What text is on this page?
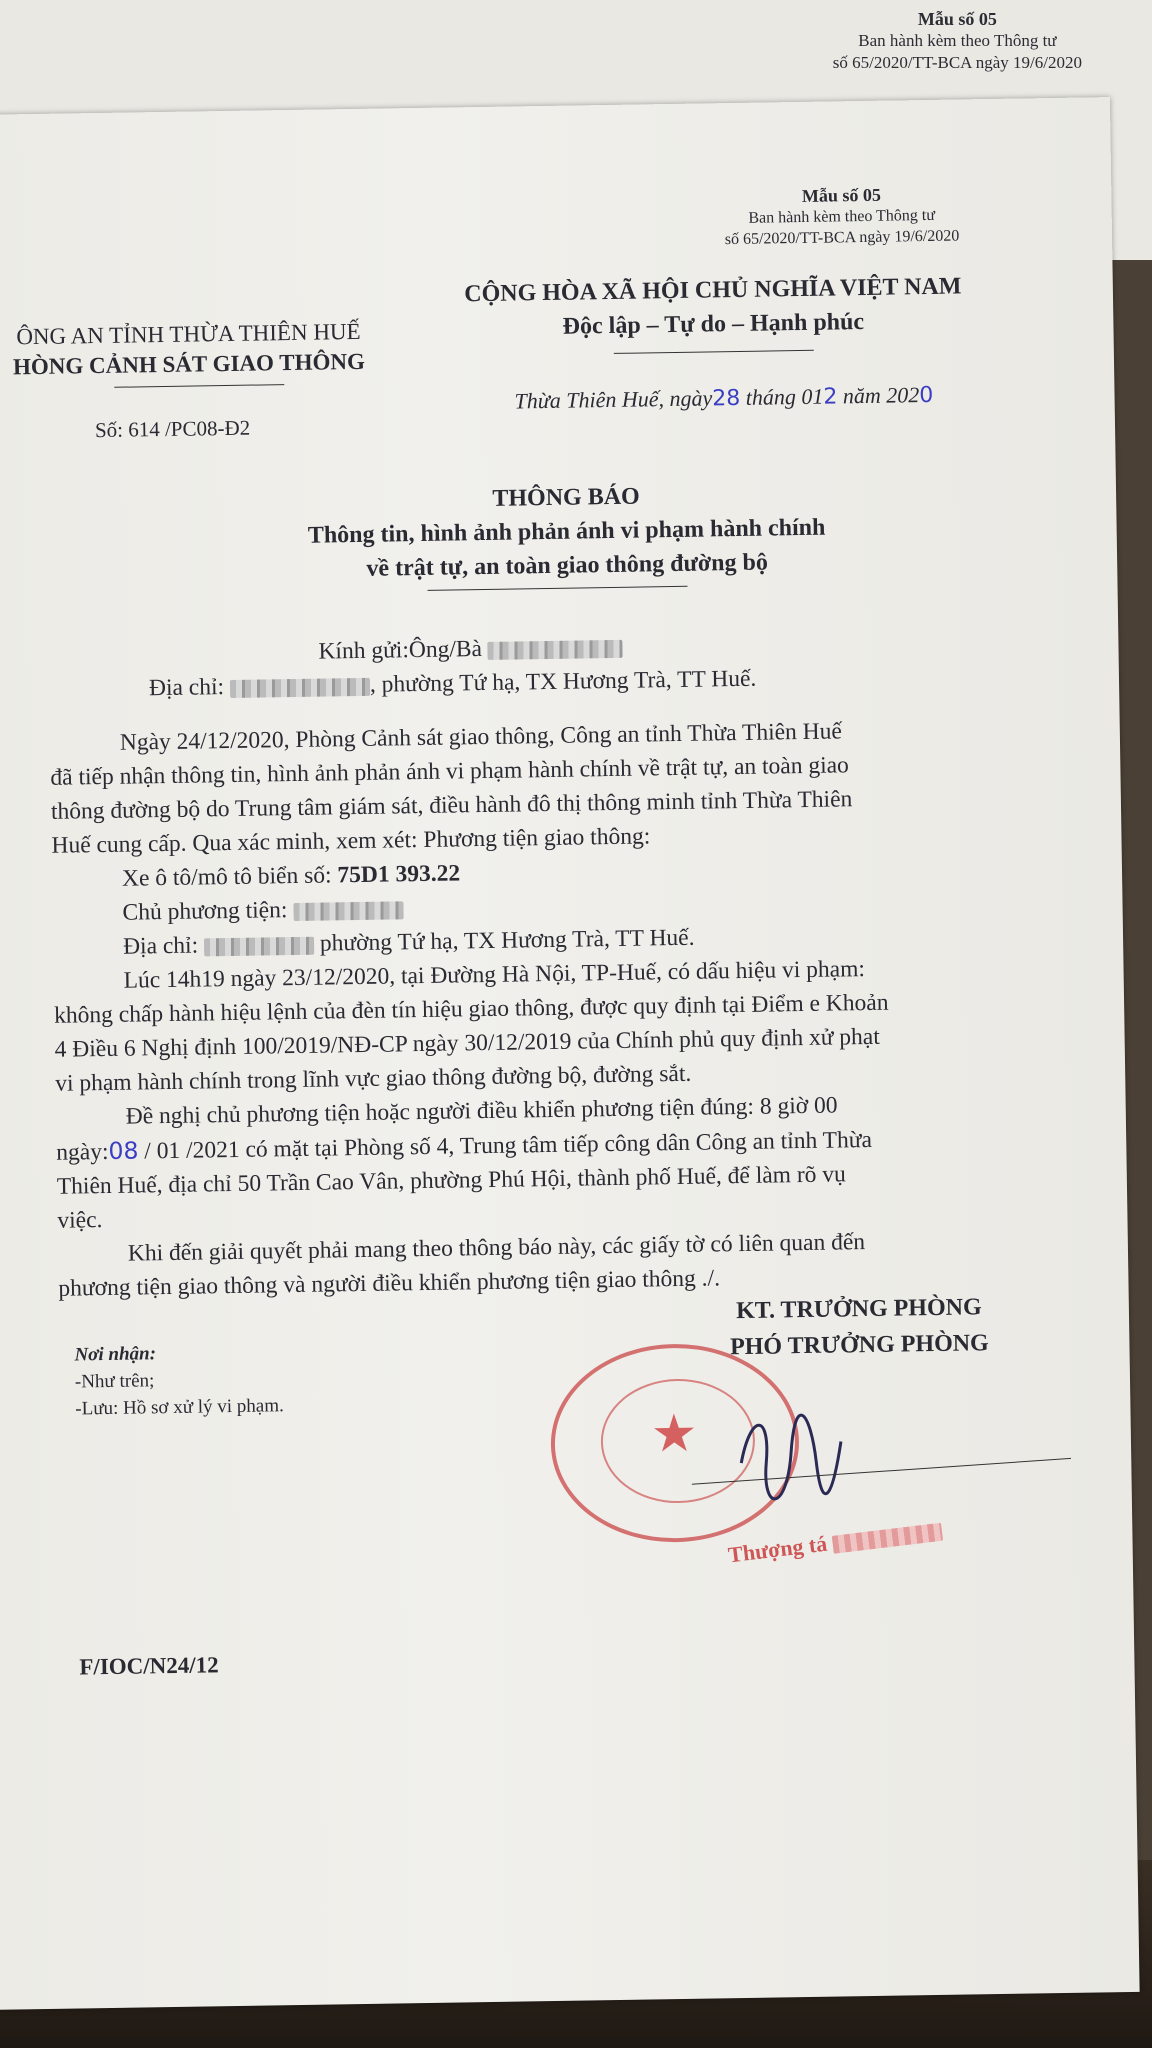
Mẫu số 05
Ban hành kèm theo Thông tư
số 65/2020/TT-BCA ngày 19/6/2020
Mẫu số 05
Ban hành kèm theo Thông tư
số 65/2020/TT-BCA ngày 19/6/2020
ÔNG AN TỈNH THỪA THIÊN HUẾ
HÒNG CẢNH SÁT GIAO THÔNG
Số: 614 /PC08-Đ2
CỘNG HÒA XÃ HỘI CHỦ NGHĨA VIỆT NAM
Độc lập – Tự do – Hạnh phúc
Thừa Thiên Huế, ngày28 tháng 012 năm 2020
THÔNG BÁO
Thông tin, hình ảnh phản ánh vi phạm hành chính
về trật tự, an toàn giao thông đường bộ
Kính gửi:Ông/Bà
Địa chỉ:	, phường Tứ hạ, TX Hương Trà, TT Huế.
Ngày 24/12/2020, Phòng Cảnh sát giao thông, Công an tỉnh Thừa Thiên Huế
đã tiếp nhận thông tin, hình ảnh phản ánh vi phạm hành chính về trật tự, an toàn giao
thông đường bộ do Trung tâm giám sát, điều hành đô thị thông minh tỉnh Thừa Thiên
Huế cung cấp. Qua xác minh, xem xét: Phương tiện giao thông:
Xe ô tô/mô tô biển số: 75D1 393.22
Chủ phương tiện:
Địa chỉ:	phường Tứ hạ, TX Hương Trà, TT Huế.
Lúc 14h19 ngày 23/12/2020, tại Đường Hà Nội, TP-Huế, có dấu hiệu vi phạm:
không chấp hành hiệu lệnh của đèn tín hiệu giao thông, được quy định tại Điểm e Khoản
4 Điều 6 Nghị định 100/2019/NĐ-CP ngày 30/12/2019 của Chính phủ quy định xử phạt
vi phạm hành chính trong lĩnh vực giao thông đường bộ, đường sắt.
Đề nghị chủ phương tiện hoặc người điều khiển phương tiện đúng: 8 giờ 00
ngày:08 / 01 /2021 có mặt tại Phòng số 4, Trung tâm tiếp công dân Công an tỉnh Thừa
Thiên Huế, địa chỉ 50 Trần Cao Vân, phường Phú Hội, thành phố Huế, để làm rõ vụ
việc.
Khi đến giải quyết phải mang theo thông báo này, các giấy tờ có liên quan đến
phương tiện giao thông và người điều khiển phương tiện giao thông ./.
KT. TRƯỞNG PHÒNG
PHÓ TRƯỞNG PHÒNG
Nơi nhận:
-Như trên;
-Lưu: Hồ sơ xử lý vi phạm.	★
Thượng tá
F/IOC/N24/12
